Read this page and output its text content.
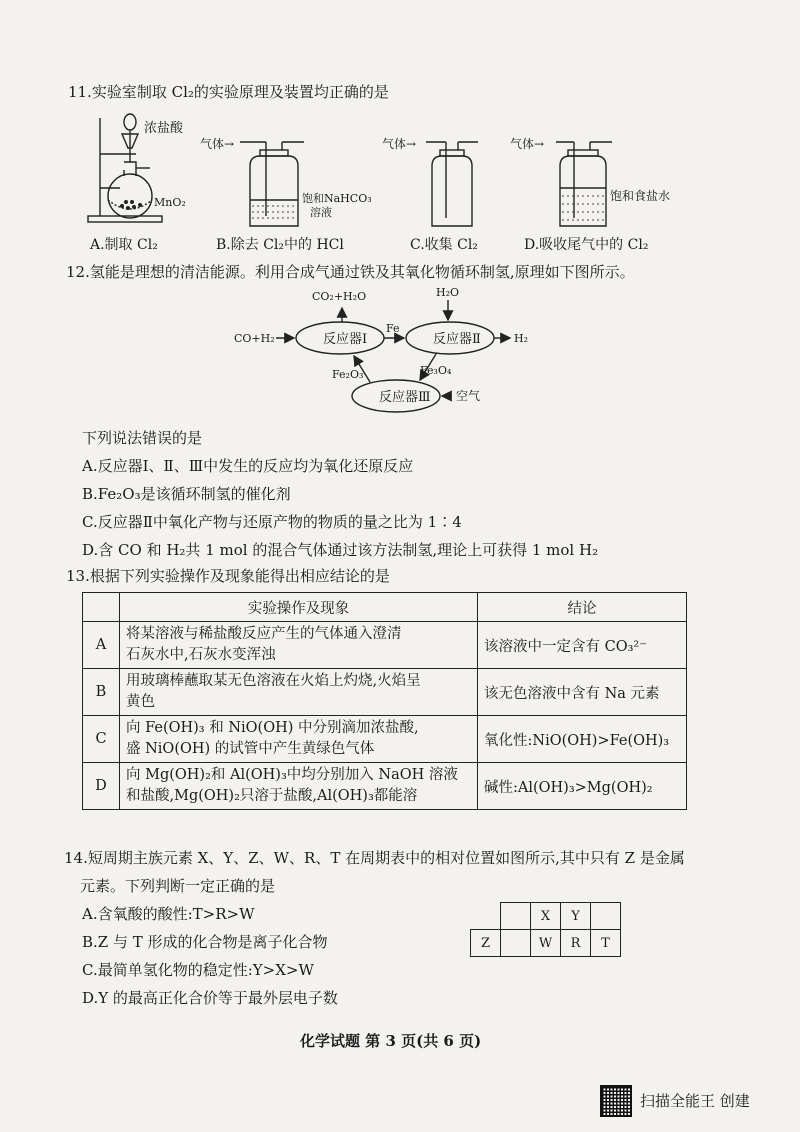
11.实验室制取 Cl₂的实验原理及装置均正确的是
浓盐酸
MnO₂
气体→
饱和NaHCO₃
溶液
气体→	气体→
饱和食盐水
A.制取 Cl₂	B.除去 Cl₂中的 HCl	C.收集 Cl₂	D.吸收尾气中的 Cl₂
12.氢能是理想的清洁能源。利用合成气通过铁及其氧化物循环制氢,原理如下图所示。
反应器Ⅰ	反应器Ⅱ
反应器Ⅲ
CO+H₂
CO₂+H₂O	H₂O
H₂
Fe
Fe₃O₄
Fe₂O₃
空气
下列说法错误的是
A.反应器Ⅰ、Ⅱ、Ⅲ中发生的反应均为氧化还原反应
B.Fe₂O₃是该循环制氢的催化剂
C.反应器Ⅱ中氧化产物与还原产物的物质的量之比为 1∶4
D.含 CO 和 H₂共 1 mol 的混合气体通过该方法制氢,理论上可获得 1 mol H₂
13.根据下列实验操作及现象能得出相应结论的是
	实验操作及现象	结论
A	将某溶液与稀盐酸反应产生的气体通入澄清
石灰水中,石灰水变浑浊	该溶液中一定含有 CO₃²⁻
B	用玻璃棒蘸取某无色溶液在火焰上灼烧,火焰呈
黄色	该无色溶液中含有 Na 元素
C	向 Fe(OH)₃ 和 NiO(OH) 中分别滴加浓盐酸,
盛 NiO(OH) 的试管中产生黄绿色气体	氧化性:NiO(OH)>Fe(OH)₃
D	向 Mg(OH)₂和 Al(OH)₃中均分别加入 NaOH 溶液
和盐酸,Mg(OH)₂只溶于盐酸,Al(OH)₃都能溶	碱性:Al(OH)₃>Mg(OH)₂
14.短周期主族元素 X、Y、Z、W、R、T 在周期表中的相对位置如图所示,其中只有 Z 是金属
元素。下列判断一定正确的是
A.含氧酸的酸性:T>R>W
B.Z 与 T 形成的化合物是离子化合物
C.最简单氢化物的稳定性:Y>X>W
D.Y 的最高正化合价等于最外层电子数
		X	Y	
Z		W	R	T
化学试题 第 3 页(共 6 页)
扫描全能王 创建
